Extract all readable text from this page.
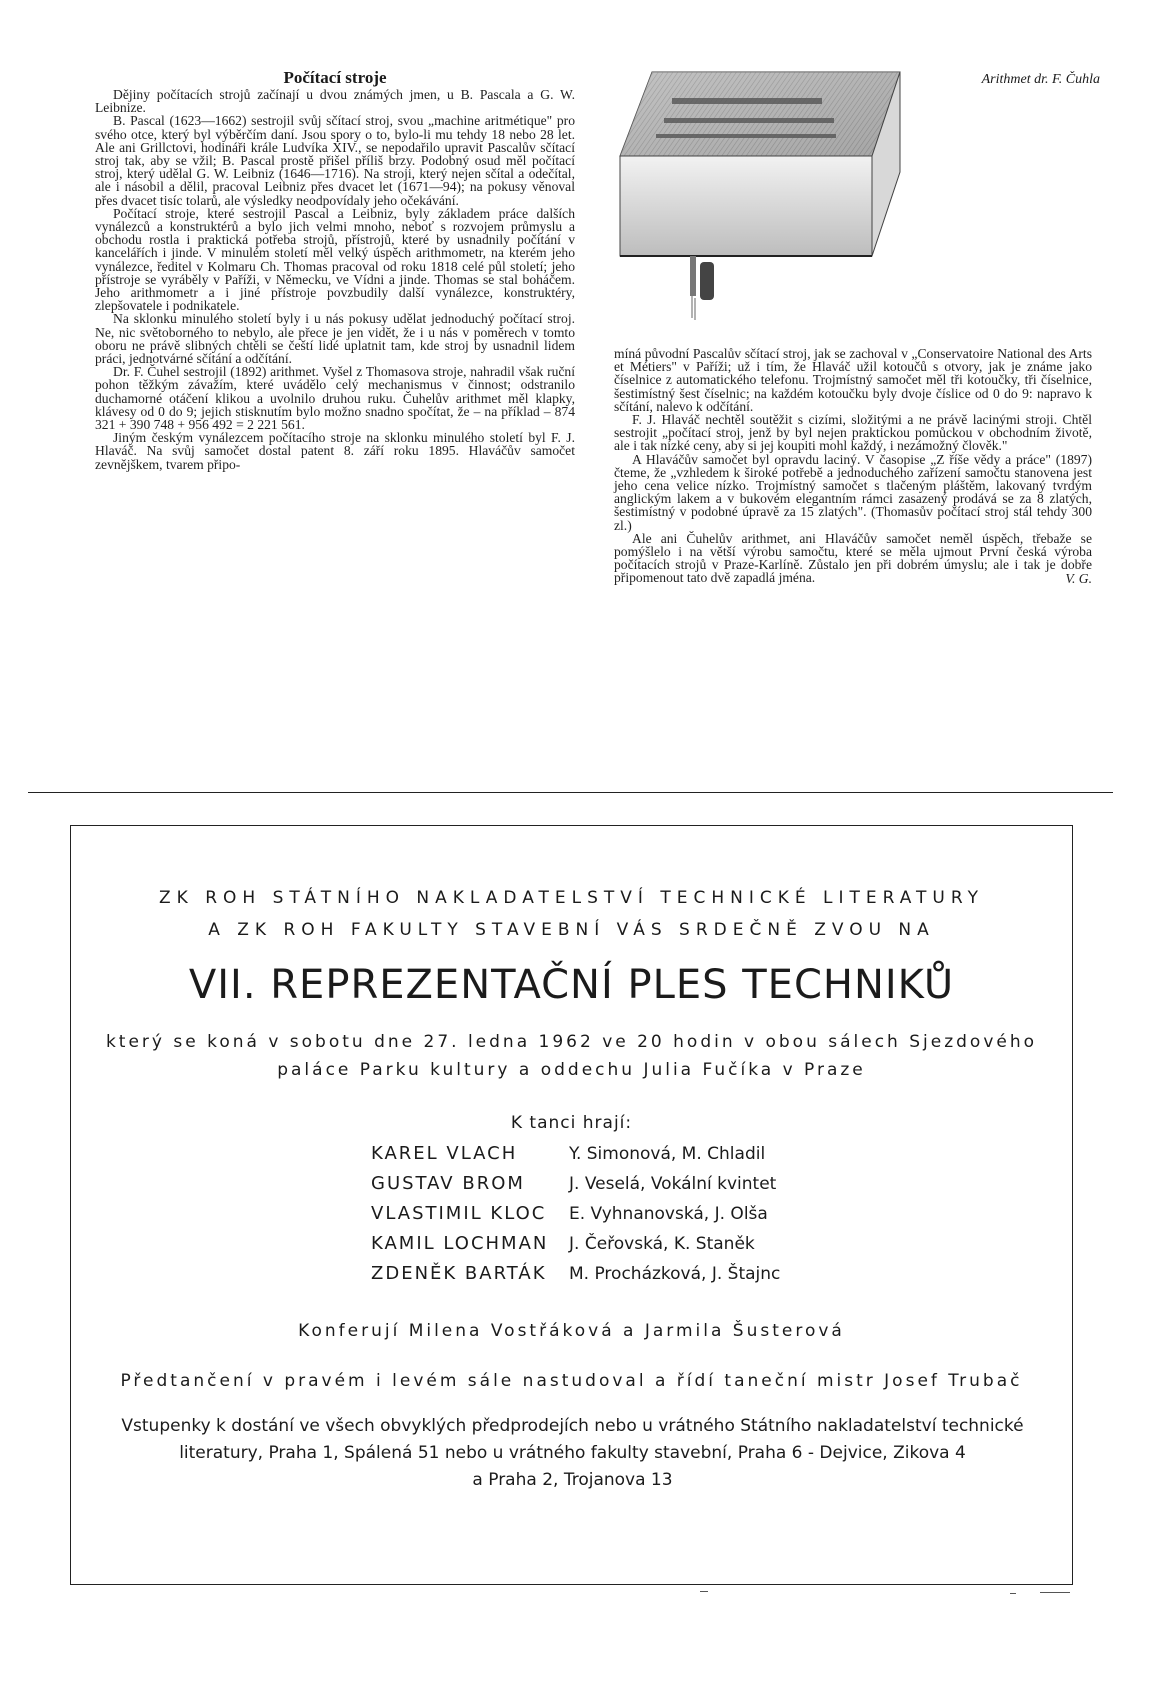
Počítací stroje

Dějiny počítacích strojů začínají u dvou známých jmen, u B. Pascala a G. W. Leibnize.

B. Pascal (1623—1662) sestrojil svůj sčítací stroj, svou „machine aritmétique" pro svého otce, který byl výběrčím daní. Jsou spory o to, bylo-li mu tehdy 18 nebo 28 let. Ale ani Grillctovi, hodináři krále Ludvíka XIV., se nepodařilo upravit Pascalův sčítací stroj tak, aby se vžil; B. Pascal prostě přišel příliš brzy. Podobný osud měl počítací stroj, který udělal G. W. Leibniz (1646—1716). Na stroji, který nejen sčítal a odečítal, ale i násobil a dělil, pracoval Leibniz přes dvacet let (1671—94); na pokusy věnoval přes dvacet tisíc tolarů, ale výsledky neodpovídaly jeho očekávání.

Počítací stroje, které sestrojil Pascal a Leibniz, byly základem práce dalších vynálezců a konstruktérů a bylo jich velmi mnoho, neboť s rozvojem průmyslu a obchodu rostla i praktická potřeba strojů, přístrojů, které by usnadnily počítání v kancelářích i jinde. V minulém století měl velký úspěch arithmometr, na kterém jeho vynálezce, ředitel v Kolmaru Ch. Thomas pracoval od roku 1818 celé půl století; jeho přístroje se vyráběly v Paříži, v Německu, ve Vídni a jinde. Thomas se stal boháčem. Jeho arithmometr a i jiné přístroje povzbudily další vynálezce, konstruktéry, zlepšovatele i podnikatele.

Na sklonku minulého století byly i u nás pokusy udělat jednoduchý počítací stroj. Ne, nic světoborného to nebylo, ale přece je jen vidět, že i u nás v poměrech v tomto oboru ne právě slibných chtěli se čeští lidé uplatnit tam, kde stroj by usnadnil lidem práci, jednotvárné sčítání a odčítání.

Dr. F. Čuhel sestrojil (1892) arithmet. Vyšel z Thomasova stroje, nahradil však ruční pohon těžkým závažím, které uvádělo celý mechanismus v činnost; odstranilo duchamorné otáčení klikou a uvolnilo druhou ruku. Čuhelův arithmet měl klapky, klávesy od 0 do 9; jejich stisknutím bylo možno snadno spočítat, že – na příklad – 874 321 + 390 748 + 956 492 = 2 221 561.

Jiným českým vynálezcem počítacího stroje na sklonku minulého století byl F. J. Hlaváč. Na svůj samočet dostal patent 8. září roku 1895. Hlaváčův samočet zevnějškem, tvarem připo-

Arithmet dr. F. Čuhla

míná původní Pascalův sčítací stroj, jak se zachoval v „Conservatoire National des Arts et Métiers" v Paříži; už i tím, že Hlaváč užil kotoučů s otvory, jak je známe jako číselnice z automatického telefonu. Trojmístný samočet měl tři kotoučky, tři číselnice, šestimístný šest číselnic; na každém kotoučku byly dvoje číslice od 0 do 9: napravo k sčítání, nalevo k odčítání.

F. J. Hlaváč nechtěl soutěžit s cizími, složitými a ne právě lacinými stroji. Chtěl sestrojit „počítací stroj, jenž by byl nejen praktickou pomůckou v obchodním životě, ale i tak nízké ceny, aby si jej koupiti mohl každý, i nezámožný člověk."

A Hlaváčův samočet byl opravdu laciný. V časopise „Z říše vědy a práce" (1897) čteme, že „vzhledem k široké potřebě a jednoduchého zařízení samočtu stanovena jest jeho cena velice nízko. Trojmístný samočet s tlačeným pláštěm, lakovaný tvrdým anglickým lakem a v bukovém elegantním rámci zasazený prodává se za 8 zlatých, šestimístný v podobné úpravě za 15 zlatých". (Thomasův počítací stroj stál tehdy 300 zl.)

Ale ani Čuhelův arithmet, ani Hlaváčův samočet neměl úspěch, třebaže se pomýšlelo i na větší výrobu samočtu, které se měla ujmout První česká výroba počítacích strojů v Praze-Karlíně. Zůstalo jen při dobrém úmyslu; ale i tak je dobře připomenout tato dvě zapadlá jména.	V. G.

ZK ROH STÁTNÍHO NAKLADATELSTVÍ TECHNICKÉ LITERATURY

A ZK ROH FAKULTY STAVEBNÍ VÁS SRDEČNĚ ZVOU NA

VII. REPREZENTAČNÍ PLES TECHNIKŮ

který se koná v sobotu dne 27. ledna 1962 ve 20 hodin v obou sálech Sjezdového

paláce Parku kultury a oddechu Julia Fučíka v Praze

K tanci hrají:

KAREL VLACH	Y. Simonová, M. Chladil
GUSTAV BROM	J. Veselá, Vokální kvintet
VLASTIMIL KLOC E. Vyhnanovská, J. Olša
KAMIL LOCHMAN J. Čeřovská, K. Staněk
ZDENĚK BARTÁK M. Procházková, J. Štajnc

Konferují Milena Vostřáková a Jarmila Šusterová

Předtančení v pravém i levém sále nastudoval a řídí taneční mistr Josef Trubač

Vstupenky k dostání ve všech obvyklých předprodejích nebo u vrátného Státního nakladatelství technické

literatury, Praha 1, Spálená 51 nebo u vrátného fakulty stavební, Praha 6 - Dejvice, Zikova 4

a Praha 2, Trojanova 13
